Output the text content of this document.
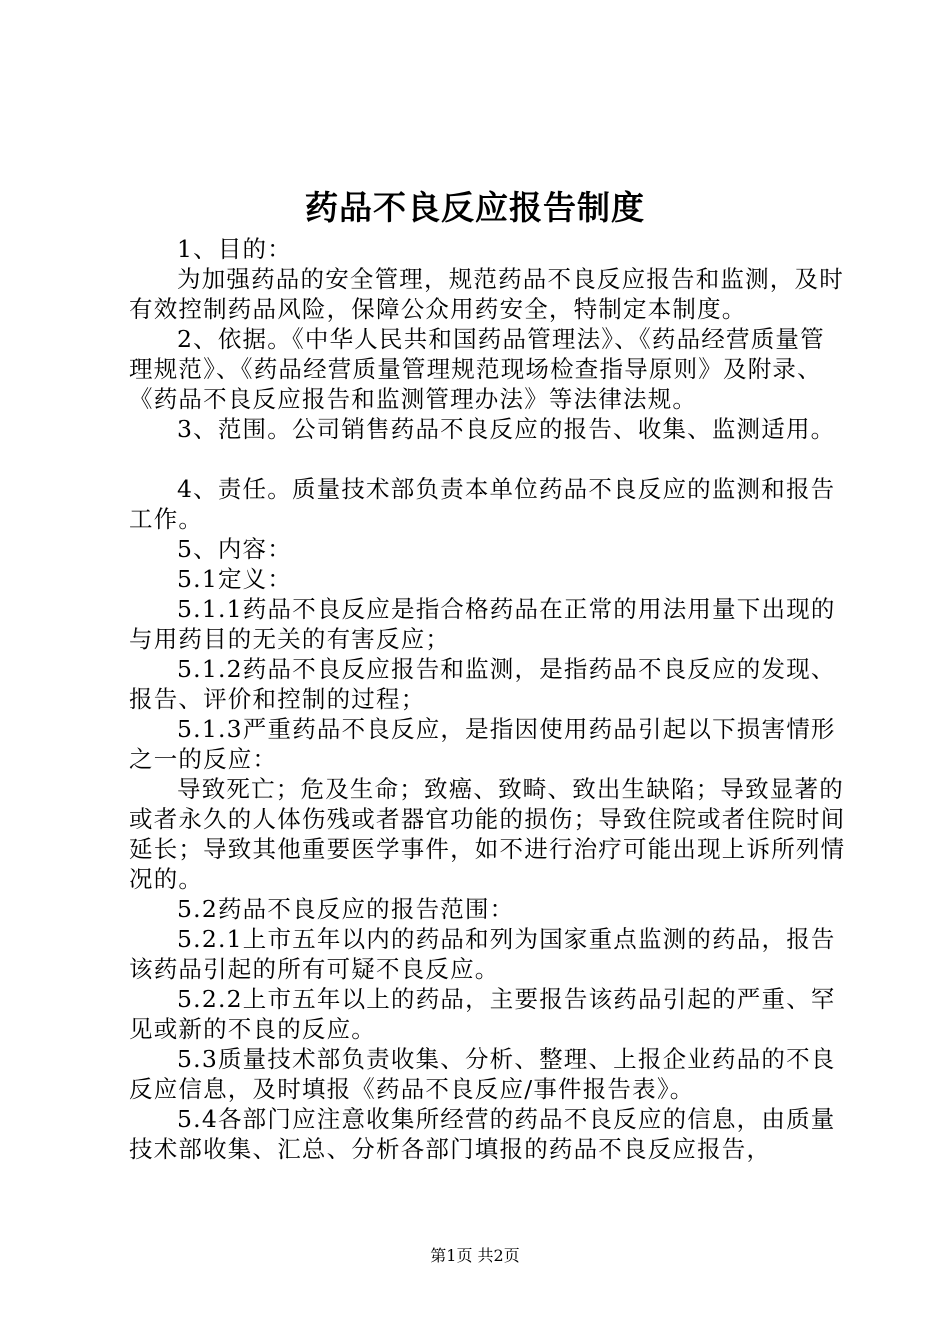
药品不良反应报告制度

1、目的：

为加强药品的安全管理，规范药品不良反应报告和监测，及时有效控制药品风险，保障公众用药安全，特制定本制度。

2、依据。《中华人民共和国药品管理法》、《药品经营质量管理规范》、《药品经营质量管理规范现场检查指导原则》及附录、《药品不良反应报告和监测管理办法》等法律法规。

3、范围。公司销售药品不良反应的报告、收集、监测适用。

4、责任。质量技术部负责本单位药品不良反应的监测和报告工作。

5、内容：

5.1定义：

5.1.1药品不良反应是指合格药品在正常的用法用量下出现的与用药目的无关的有害反应；

5.1.2药品不良反应报告和监测，是指药品不良反应的发现、报告、评价和控制的过程；

5.1.3严重药品不良反应，是指因使用药品引起以下损害情形之一的反应：

导致死亡；危及生命；致癌、致畸、致出生缺陷；导致显著的或者永久的人体伤残或者器官功能的损伤；导致住院或者住院时间延长；导致其他重要医学事件，如不进行治疗可能出现上诉所列情况的。

5.2药品不良反应的报告范围：

5.2.1上市五年以内的药品和列为国家重点监测的药品，报告该药品引起的所有可疑不良反应。

5.2.2上市五年以上的药品，主要报告该药品引起的严重、罕见或新的不良的反应。

5.3质量技术部负责收集、分析、整理、上报企业药品的不良反应信息，及时填报《药品不良反应/事件报告表》。

5.4各部门应注意收集所经营的药品不良反应的信息，由质量技术部收集、汇总、分析各部门填报的药品不良反应报告，

第1页 共2页
